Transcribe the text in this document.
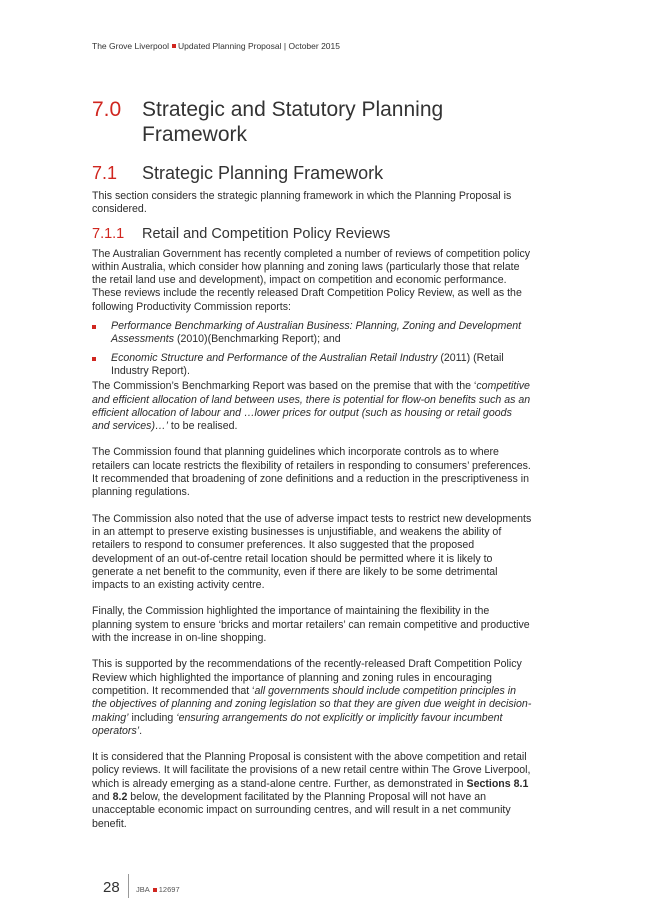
The Grove Liverpool Updated Planning Proposal | October 2015
7.0 Strategic and Statutory Planning Framework
7.1	Strategic Planning Framework

This section considers the strategic planning framework in which the Planning Proposal is considered.

7.1.1	Retail and Competition Policy Reviews

The Australian Government has recently completed a number of reviews of competition policy within Australia, which consider how planning and zoning laws (particularly those that relate the retail land use and development), impact on competition and economic performance. These reviews include the recently released Draft Competition Policy Review, as well as the following Productivity Commission reports:

Performance Benchmarking of Australian Business: Planning, Zoning and Development Assessments (2010)(Benchmarking Report); and
Economic Structure and Performance of the Australian Retail Industry (2011) (Retail Industry Report).

The Commission’s Benchmarking Report was based on the premise that with the ‘competitive and efficient allocation of land between uses, there is potential for flow-on benefits such as an efficient allocation of labour and …lower prices for output (such as housing or retail goods and services)…’ to be realised.

The Commission found that planning guidelines which incorporate controls as to where retailers can locate restricts the flexibility of retailers in responding to consumers’ preferences. It recommended that broadening of zone definitions and a reduction in the prescriptiveness in planning regulations.

The Commission also noted that the use of adverse impact tests to restrict new developments in an attempt to preserve existing businesses is unjustifiable, and weakens the ability of retailers to respond to consumer preferences. It also suggested that the proposed development of an out-of-centre retail location should be permitted where it is likely to generate a net benefit to the community, even if there are likely to be some detrimental impacts to an existing activity centre.

Finally, the Commission highlighted the importance of maintaining the flexibility in the planning system to ensure ‘bricks and mortar retailers’ can remain competitive and productive with the increase in on-line shopping.

This is supported by the recommendations of the recently-released Draft Competition Policy Review which highlighted the importance of planning and zoning rules in encouraging competition. It recommended that ‘all governments should include competition principles in the objectives of planning and zoning legislation so that they are given due weight in decision-making’ including ‘ensuring arrangements do not explicitly or implicitly favour incumbent operators’.

It is considered that the Planning Proposal is consistent with the above competition and retail policy reviews. It will facilitate the provisions of a new retail centre within The Grove Liverpool, which is already emerging as a stand-alone centre. Further, as demonstrated in Sections 8.1 and 8.2 below, the development facilitated by the Planning Proposal will not have an unacceptable economic impact on surrounding centres, and will result in a net community benefit.

28 JBA 12697
